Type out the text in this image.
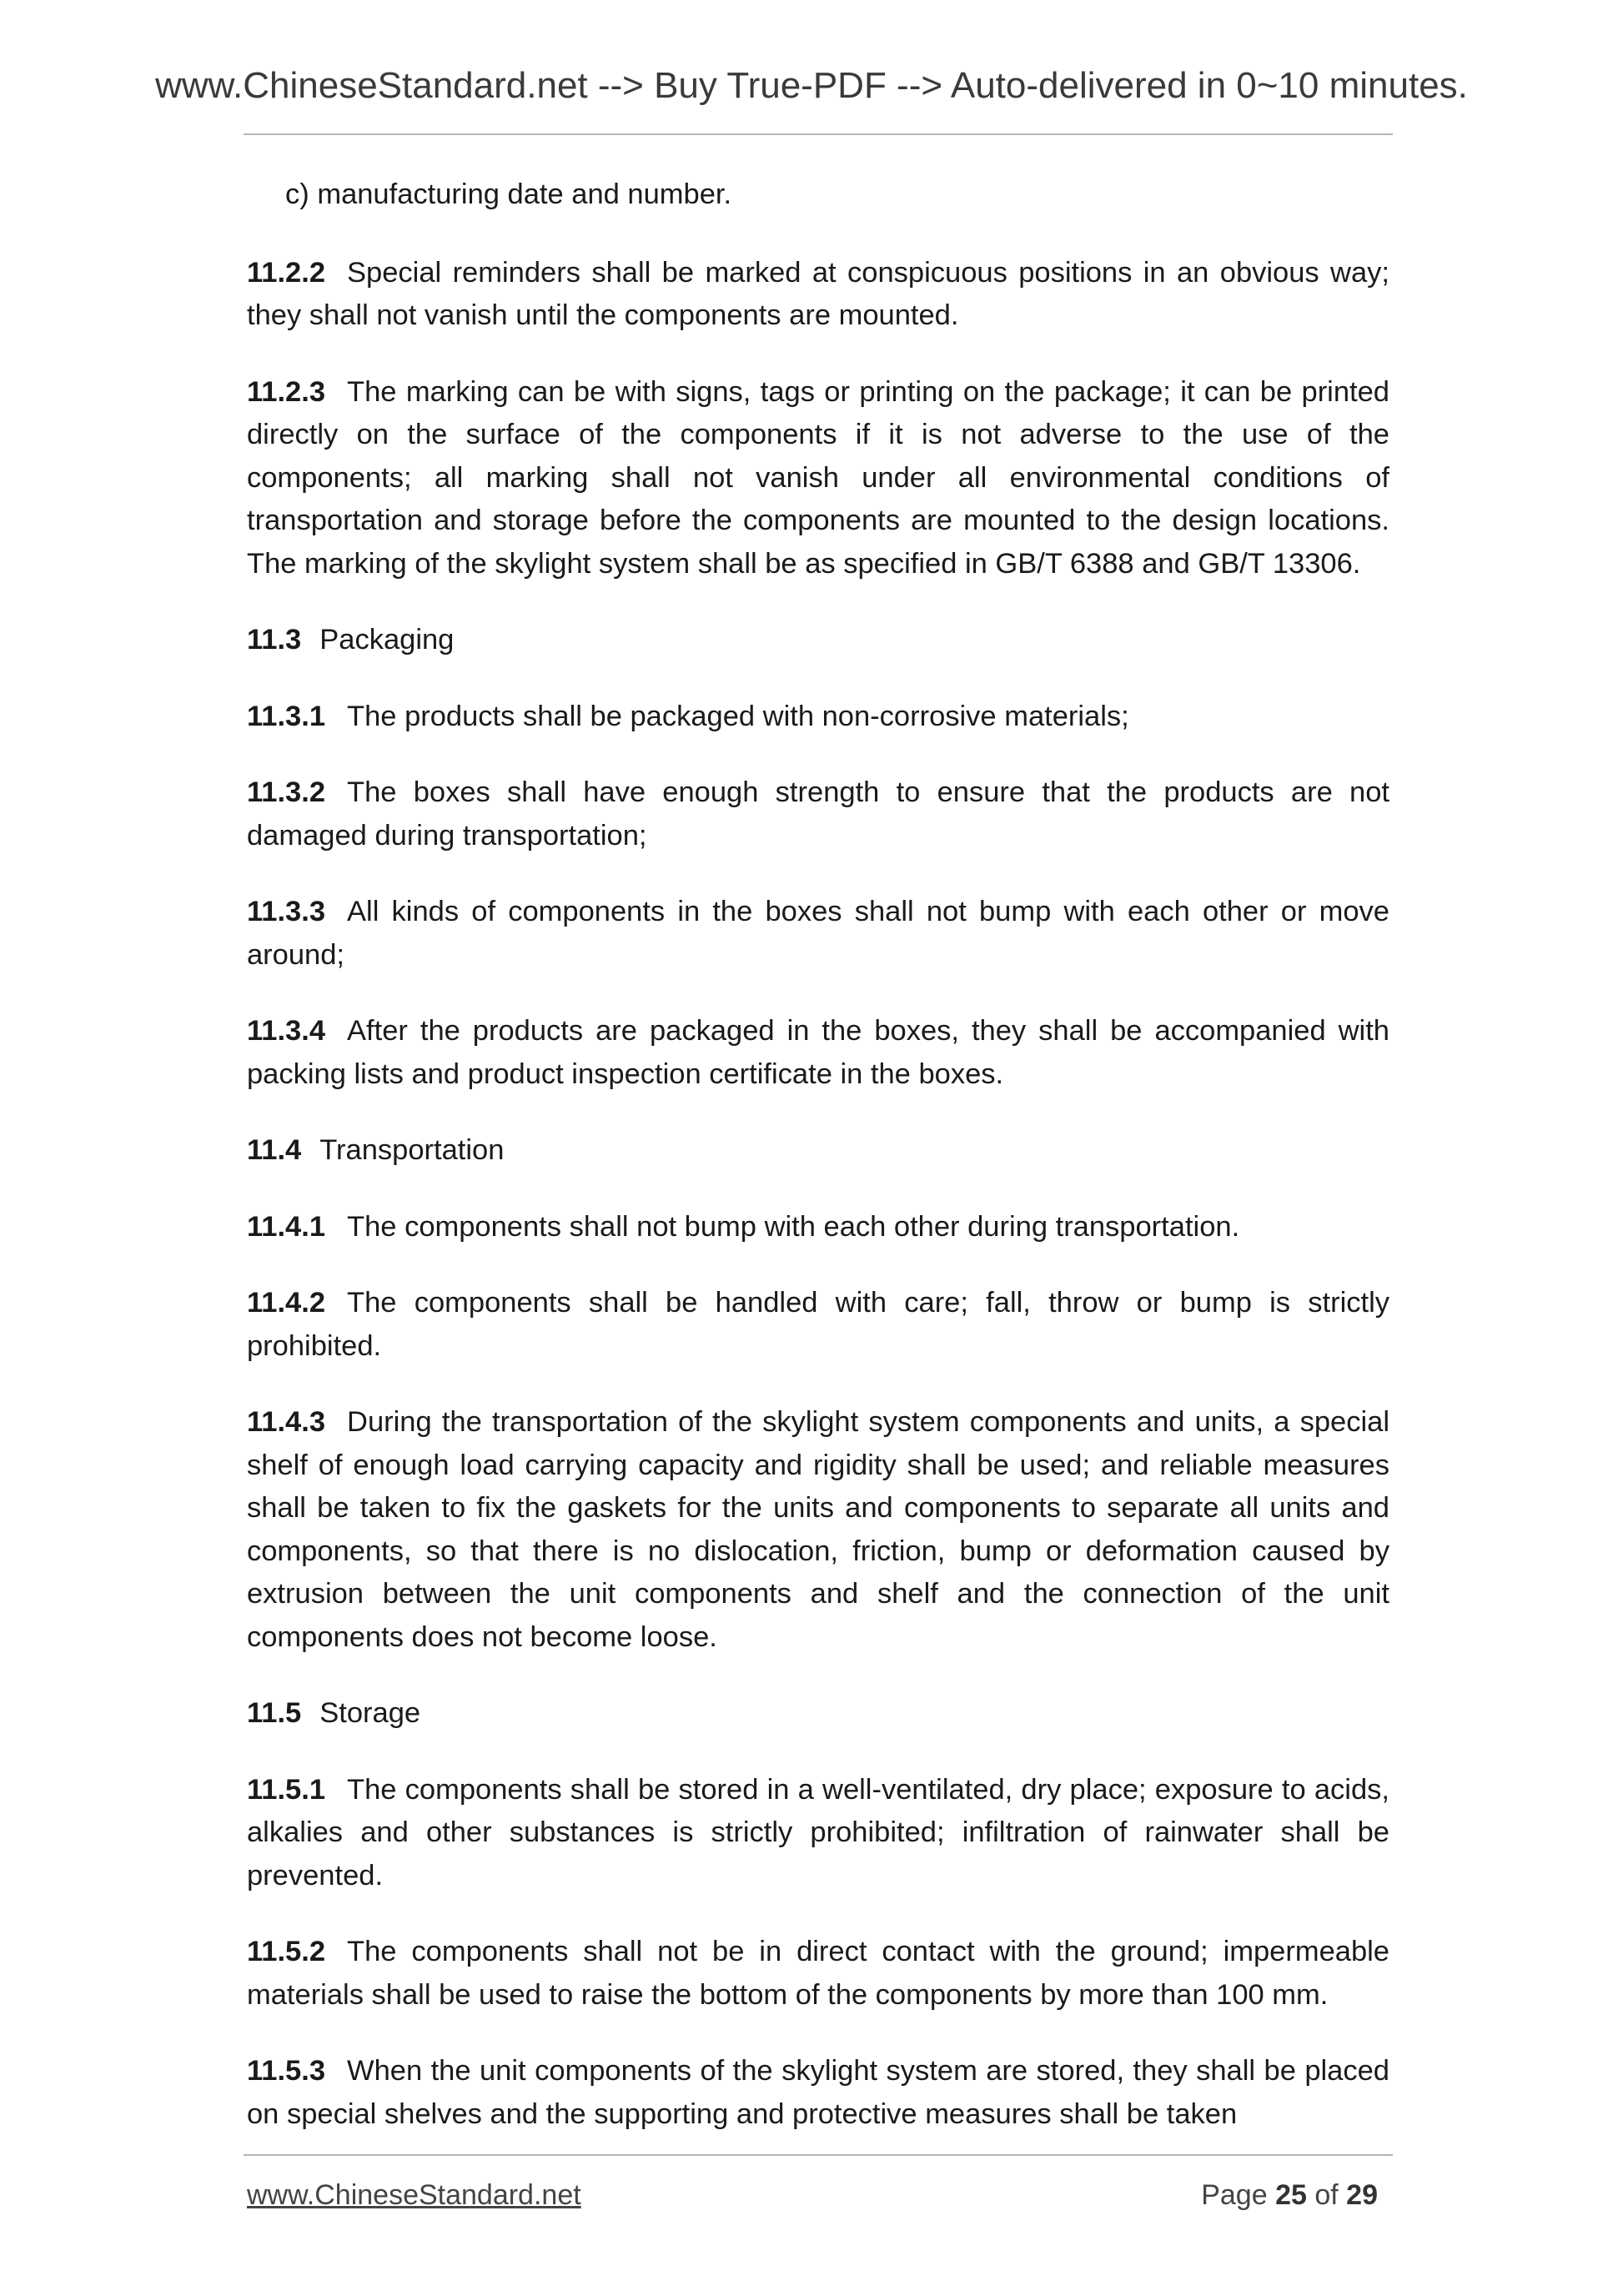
www.ChineseStandard.net --> Buy True-PDF --> Auto-delivered in 0~10 minutes.

c) manufacturing date and number.

11.2.2 Special reminders shall be marked at conspicuous positions in an obvious way; they shall not vanish until the components are mounted.

11.2.3 The marking can be with signs, tags or printing on the package; it can be printed directly on the surface of the components if it is not adverse to the use of the components; all marking shall not vanish under all environmental conditions of transportation and storage before the components are mounted to the design locations. The marking of the skylight system shall be as specified in GB/T 6388 and GB/T 13306.

11.3 Packaging

11.3.1 The products shall be packaged with non-corrosive materials;

11.3.2 The boxes shall have enough strength to ensure that the products are not damaged during transportation;

11.3.3 All kinds of components in the boxes shall not bump with each other or move around;

11.3.4 After the products are packaged in the boxes, they shall be accompanied with packing lists and product inspection certificate in the boxes.

11.4 Transportation

11.4.1 The components shall not bump with each other during transportation.

11.4.2 The components shall be handled with care; fall, throw or bump is strictly prohibited.

11.4.3 During the transportation of the skylight system components and units, a special shelf of enough load carrying capacity and rigidity shall be used; and reliable measures shall be taken to fix the gaskets for the units and components to separate all units and components, so that there is no dislocation, friction, bump or deformation caused by extrusion between the unit components and shelf and the connection of the unit components does not become loose.

11.5 Storage

11.5.1 The components shall be stored in a well-ventilated, dry place; exposure to acids, alkalies and other substances is strictly prohibited; infiltration of rainwater shall be prevented.

11.5.2 The components shall not be in direct contact with the ground; impermeable materials shall be used to raise the bottom of the components by more than 100 mm.

11.5.3 When the unit components of the skylight system are stored, they shall be placed on special shelves and the supporting and protective measures shall be taken

www.ChineseStandard.net	Page 25 of 29
